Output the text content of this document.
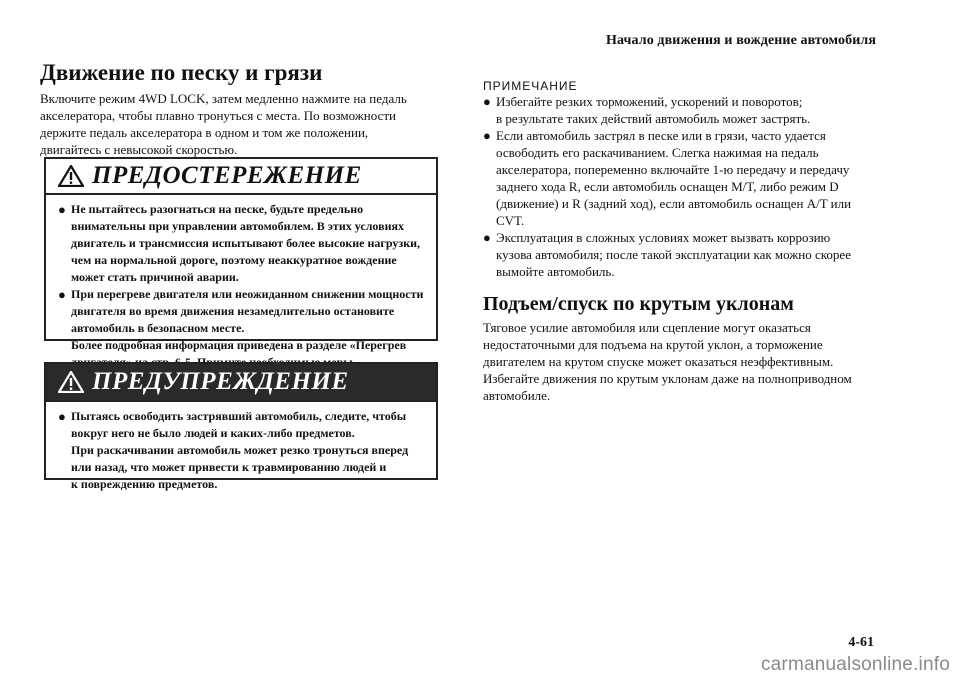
Начало движения и вождение автомобиля
Движение по песку и грязи

Включите режим 4WD LOCK, затем медленно нажмите на педаль

акселератора, чтобы плавно тронуться с места. По возможности

держите педаль акселератора в одном и том же положении,

двигайтесь с невысокой скоростью.

ПРЕДОСТЕРЕЖЕНИЕ
● Не пытайтесь разогнаться на песке, будьте предельно
внимательны при управлении автомобилем. В этих условиях
двигатель и трансмиссия испытывают более высокие нагрузки,
чем на нормальной дороге, поэтому неаккуратное вождение
может стать причиной аварии.
● При перегреве двигателя или неожиданном снижении мощности
двигателя во время движения незамедлительно остановите
автомобиль в безопасном месте.
Более подробная информация приведена в разделе «Перегрев
ПРЕДУПРЕЖДЕНИЕ
● Пытаясь освободить застрявший автомобиль, следите, чтобы
вокруг него не было людей и каких-либо предметов.
При раскачивании автомобиль может резко тронуться вперед
или назад, что может привести к травмированию людей и
к повреждению предметов.
ПРИМЕЧАНИЕ
● Избегайте резких торможений, ускорений и поворотов;
в результате таких действий автомобиль может застрять.
● Если автомобиль застрял в песке или в грязи, часто удается
освободить его раскачиванием. Слегка нажимая на педаль
акселератора, попеременно включайте 1-ю передачу и передачу
заднего хода R, если автомобиль оснащен M/T, либо режим D
(движение) и R (задний ход), если автомобиль оснащен A/T или
CVT.
● Эксплуатация в сложных условиях может вызвать коррозию
кузова автомобиля; после такой эксплуатации как можно скорее
вымойте автомобиль.
Подъем/спуск по крутым уклонам

Тяговое усилие автомобиля или сцепление могут оказаться

недостаточными для подъема на крутой уклон, а торможение

двигателем на крутом спуске может оказаться неэффективным.

Избегайте движения по крутым уклонам даже на полноприводном

автомобиле.

4-61
carmanualsonline.info
